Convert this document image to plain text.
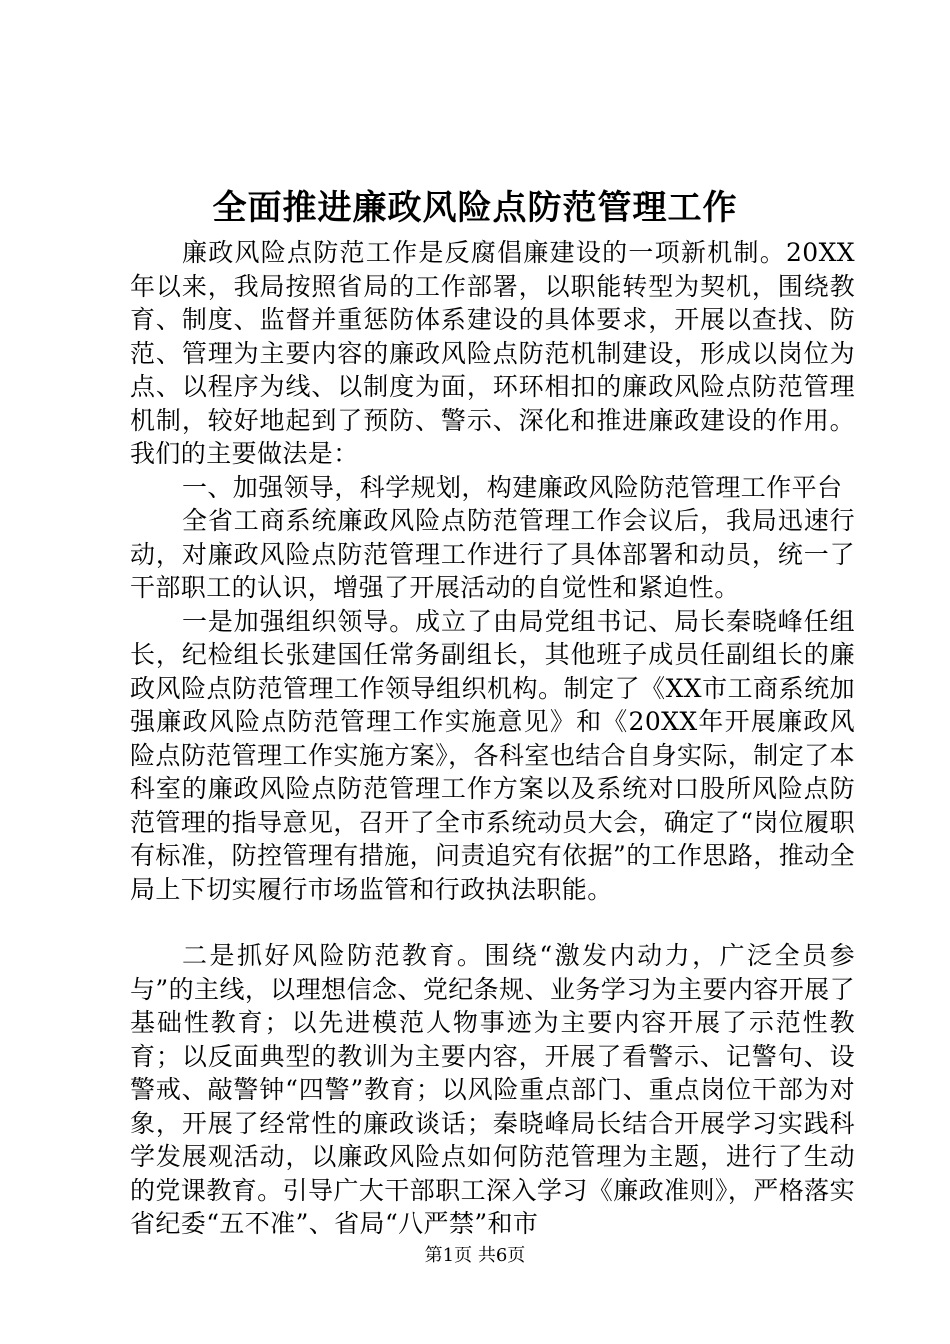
全面推进廉政风险点防范管理工作

廉政风险点防范工作是反腐倡廉建设的一项新机制。20XX年以来，我局按照省局的工作部署，以职能转型为契机，围绕教育、制度、监督并重惩防体系建设的具体要求，开展以查找、防范、管理为主要内容的廉政风险点防范机制建设，形成以岗位为点、以程序为线、以制度为面，环环相扣的廉政风险点防范管理机制，较好地起到了预防、警示、深化和推进廉政建设的作用。我们的主要做法是：

一、加强领导，科学规划，构建廉政风险防范管理工作平台

全省工商系统廉政风险点防范管理工作会议后，我局迅速行动，对廉政风险点防范管理工作进行了具体部署和动员，统一了干部职工的认识，增强了开展活动的自觉性和紧迫性。

一是加强组织领导。成立了由局党组书记、局长秦晓峰任组长，纪检组长张建国任常务副组长，其他班子成员任副组长的廉政风险点防范管理工作领导组织机构。制定了《XX市工商系统加强廉政风险点防范管理工作实施意见》和《20XX年开展廉政风险点防范管理工作实施方案》，各科室也结合自身实际，制定了本科室的廉政风险点防范管理工作方案以及系统对口股所风险点防范管理的指导意见，召开了全市系统动员大会，确定了“岗位履职有标准，防控管理有措施，问责追究有依据”的工作思路，推动全局上下切实履行市场监管和行政执法职能。

二是抓好风险防范教育。围绕“激发内动力，广泛全员参与”的主线，以理想信念、党纪条规、业务学习为主要内容开展了基础性教育；以先进模范人物事迹为主要内容开展了示范性教育；以反面典型的教训为主要内容，开展了看警示、记警句、设警戒、敲警钟“四警”教育；以风险重点部门、重点岗位干部为对象，开展了经常性的廉政谈话；秦晓峰局长结合开展学习实践科学发展观活动，以廉政风险点如何防范管理为主题，进行了生动的党课教育。引导广大干部职工深入学习《廉政准则》，严格落实省纪委“五不准”、省局“八严禁”和市

第1页 共6页
